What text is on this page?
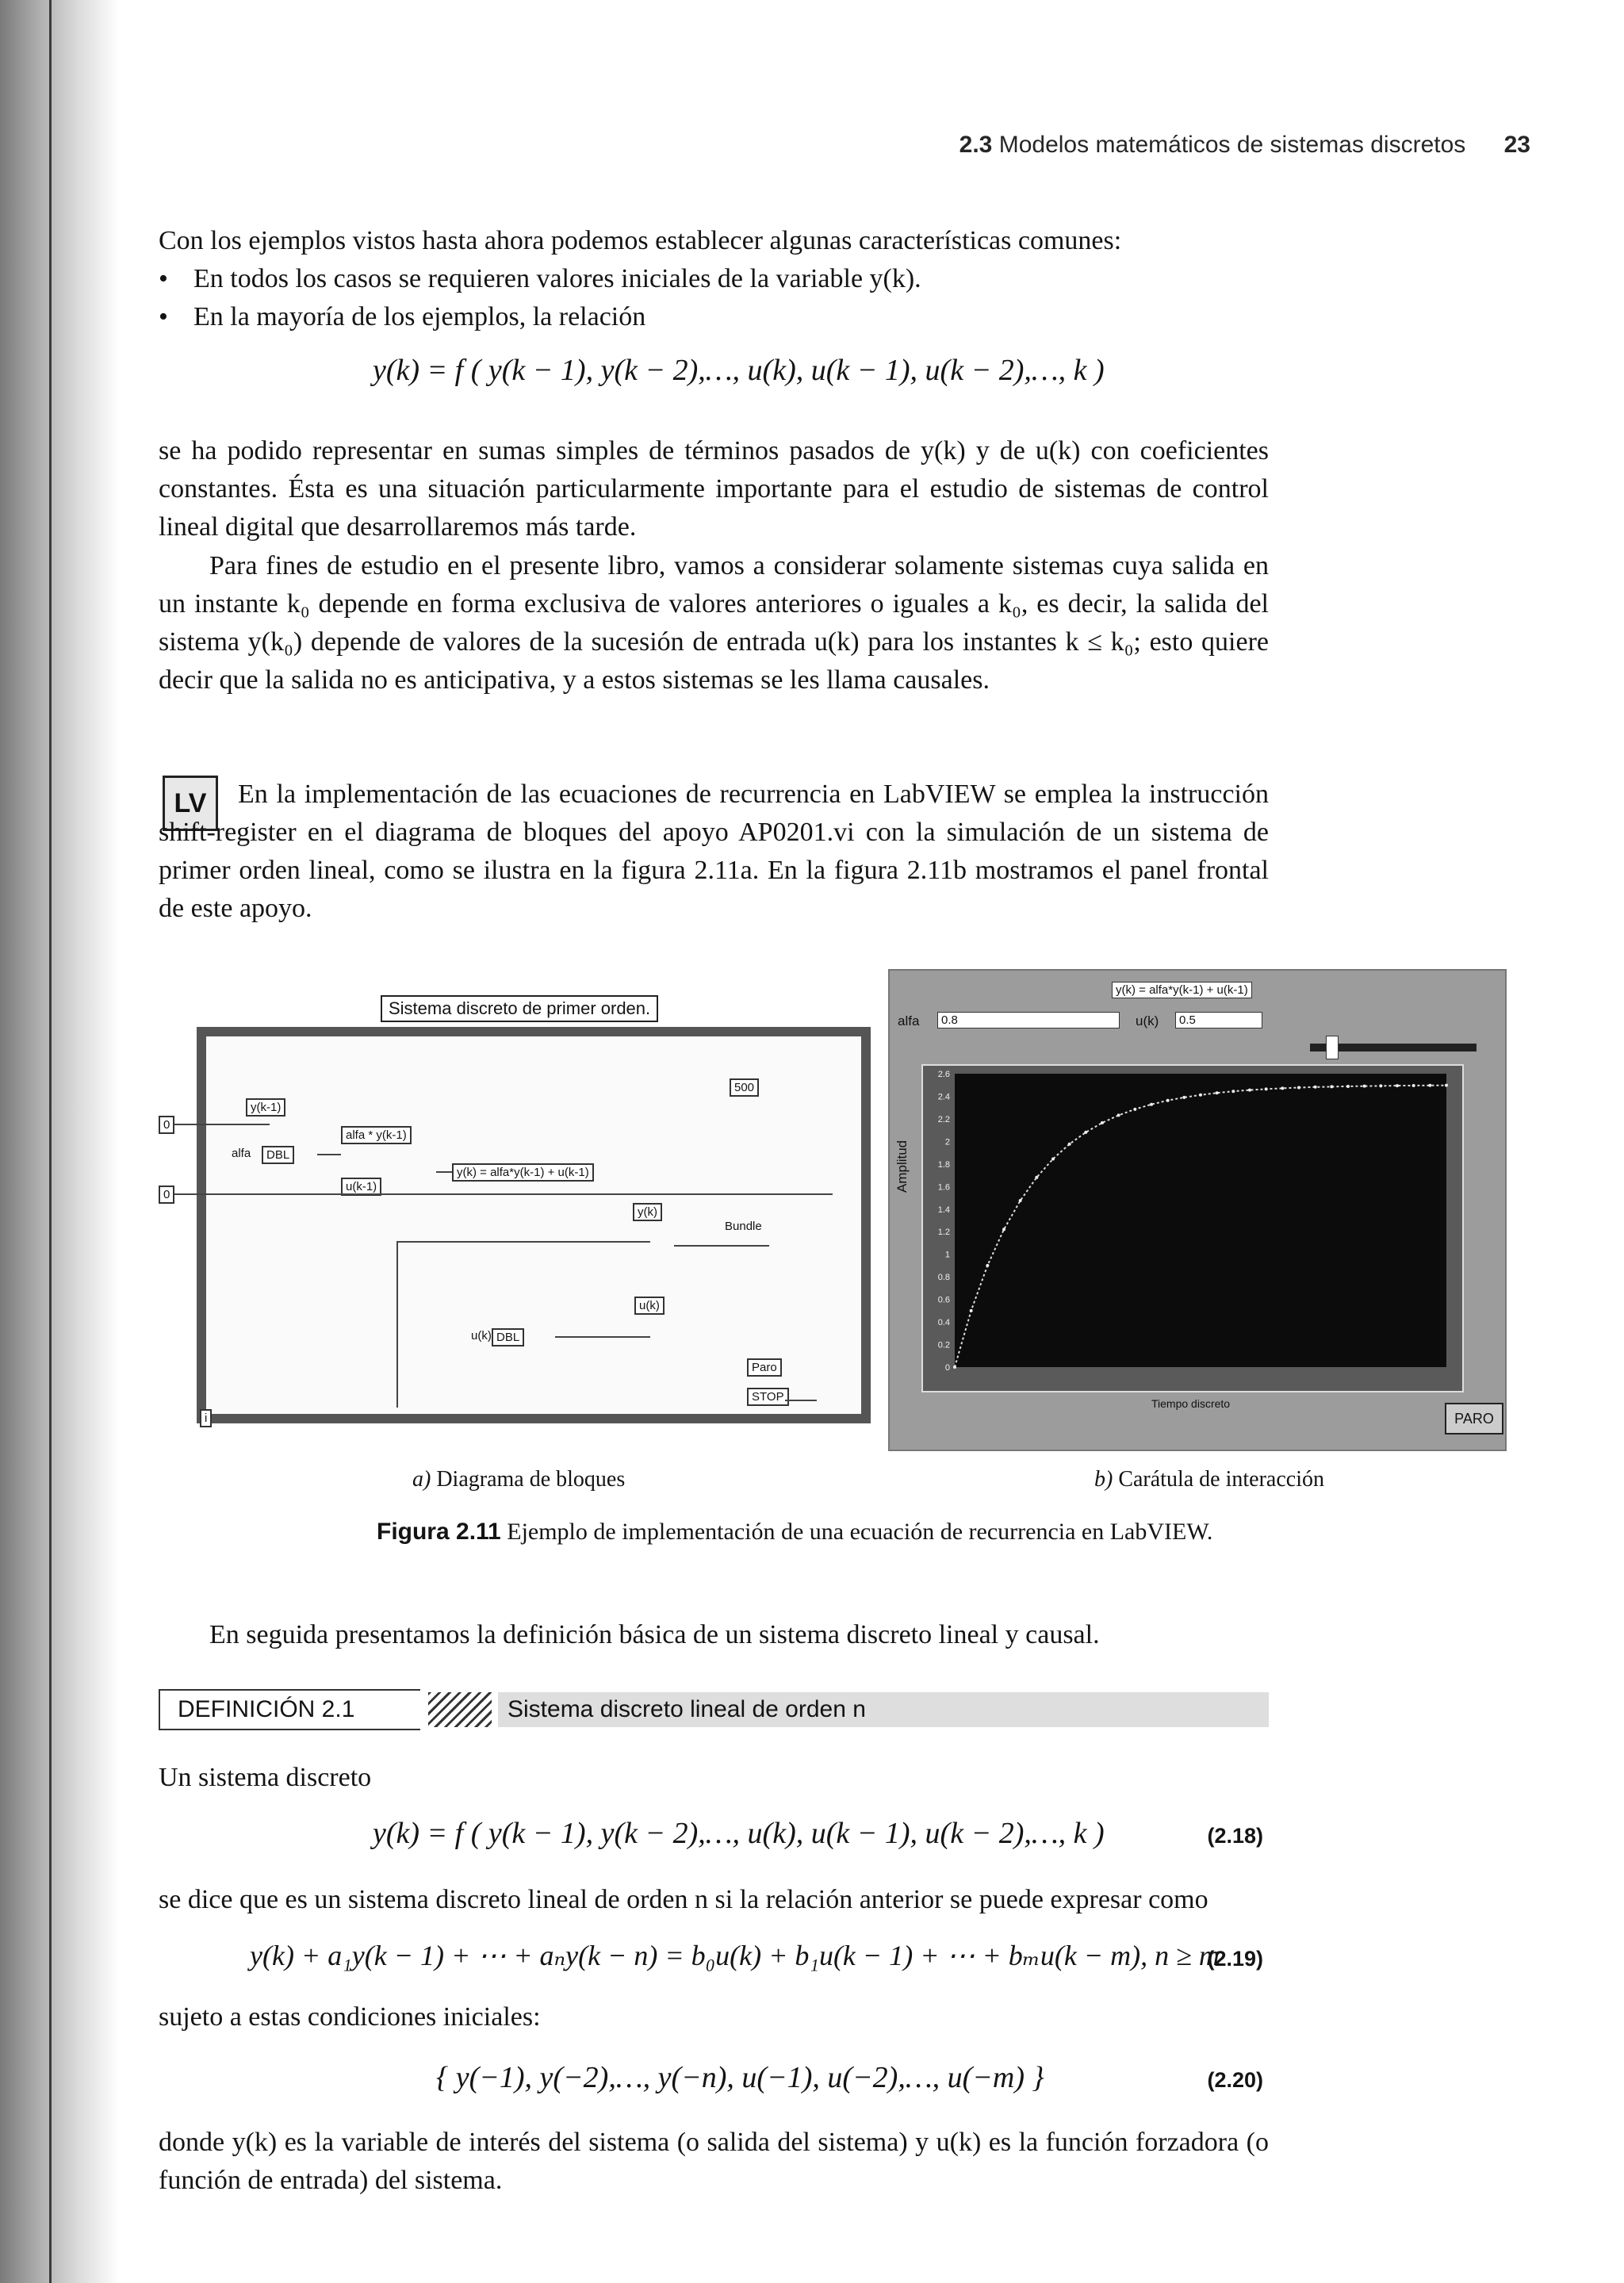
2.3 Modelos matemáticos de sistemas discretos 23

Con los ejemplos vistos hasta ahora podemos establecer algunas características comunes:

• En todos los casos se requieren valores iniciales de la variable y(k).
• En la mayoría de los ejemplos, la relación
y(k) = f ( y(k − 1), y(k − 2),…, u(k), u(k − 1), u(k − 2),…, k )

se ha podido representar en sumas simples de términos pasados de y(k) y de u(k) con coeficientes constantes. Ésta es una situación particularmente importante para el estudio de sistemas de control lineal digital que desarrollaremos más tarde.

Para fines de estudio en el presente libro, vamos a considerar solamente sistemas cuya salida en un instante k₀ depende en forma exclusiva de valores anteriores o iguales a k₀, es decir, la salida del sistema y(k₀) depende de valores de la sucesión de entrada u(k) para los instantes k ≤ k₀; esto quiere decir que la salida no es anticipativa, y a estos sistemas se les llama causales.

LV	En la implementación de las ecuaciones de recurrencia en LabVIEW se emplea la instrucción shift-register en el diagrama de bloques del apoyo AP0201.vi con la simulación de un sistema de primer orden lineal, como se ilustra en la figura 2.11a. En la figura 2.11b mostramos el panel frontal de este apoyo.

Sistema discreto de primer orden.
0
0
y(k-1)
alfa	DBL
alfa * y(k-1)
u(k-1)
y(k) = alfa*y(k-1) + u(k-1)
y(k)
Bundle
u(k)
u(k) DBL
500
Paro
STOP
i
y(k) = alfa*y(k-1) + u(k-1)
alfa	0.8	u(k)	0.5
2.6
2.4
2.2
2
1.8
1.6
1.4
1.2
1
0.8
0.6
0.4
0.2
0
Amplitud
Tiempo discreto
PARO
a) Diagrama de bloques	b) Carátula de interacción
Figura 2.11 Ejemplo de implementación de una ecuación de recurrencia en LabVIEW.

En seguida presentamos la definición básica de un sistema discreto lineal y causal.

DEFINICIÓN 2.1	Sistema discreto lineal de orden n

Un sistema discreto

y(k) = f ( y(k − 1), y(k − 2),…, u(k), u(k − 1), u(k − 2),…, k )	(2.18)

se dice que es un sistema discreto lineal de orden n si la relación anterior se puede expresar como

y(k) + a₁y(k − 1) + ⋯ + aₙy(k − n) = b₀u(k) + b₁u(k − 1) + ⋯ + bₘu(k − m), n ≥ m
(2.19)

sujeto a estas condiciones iniciales:

{ y(−1), y(−2),…, y(−n), u(−1), u(−2),…, u(−m) }	(2.20)

donde y(k) es la variable de interés del sistema (o salida del sistema) y u(k) es la función forzadora (o función de entrada) del sistema.
